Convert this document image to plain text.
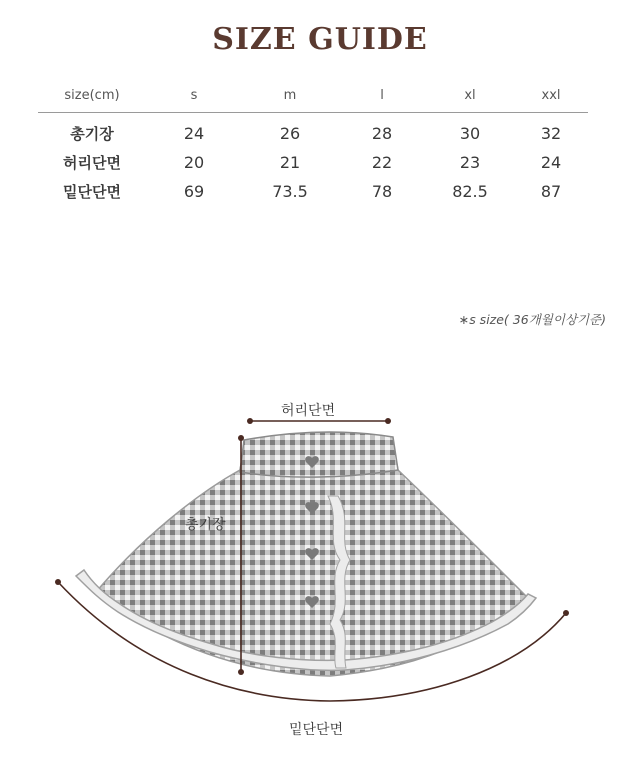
SIZE GUIDE
size(cm)	s	m	l	xl	xxl
총기장	24	26	28	30	32
허리단면	20	21	22	23	24
밑단단면	69	73.5	78	82.5	87
∗s size( 36개월이상기준)
허리단면
총기장
밑단단면
